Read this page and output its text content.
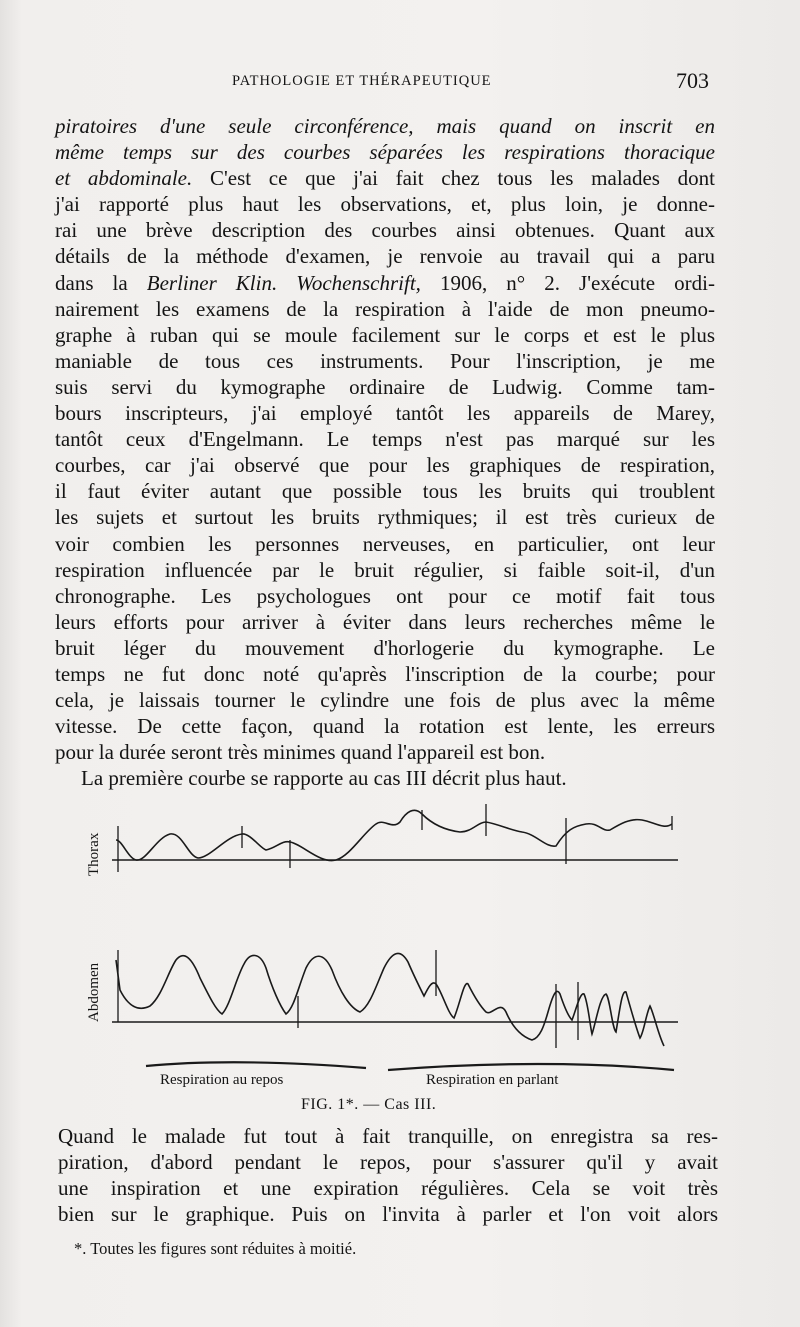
PATHOLOGIE ET THÉRAPEUTIQUE	703
piratoires d'une seule circonférence, mais quand on inscrit en
même temps sur des courbes séparées les respirations thoracique
et abdominale. C'est ce que j'ai fait chez tous les malades dont
j'ai rapporté plus haut les observations, et, plus loin, je donne-
rai une brève description des courbes ainsi obtenues. Quant aux
détails de la méthode d'examen, je renvoie au travail qui a paru
dans la Berliner Klin. Wochenschrift, 1906, n° 2. J'exécute ordi-
nairement les examens de la respiration à l'aide de mon pneumo-
graphe à ruban qui se moule facilement sur le corps et est le plus
maniable de tous ces instruments. Pour l'inscription, je me
suis servi du kymographe ordinaire de Ludwig. Comme tam-
bours inscripteurs, j'ai employé tantôt les appareils de Marey,
tantôt ceux d'Engelmann. Le temps n'est pas marqué sur les
courbes, car j'ai observé que pour les graphiques de respiration,
il faut éviter autant que possible tous les bruits qui troublent
les sujets et surtout les bruits rythmiques; il est très curieux de
voir combien les personnes nerveuses, en particulier, ont leur
respiration influencée par le bruit régulier, si faible soit-il, d'un
chronographe. Les psychologues ont pour ce motif fait tous
leurs efforts pour arriver à éviter dans leurs recherches même le
bruit léger du mouvement d'horlogerie du kymographe. Le
temps ne fut donc noté qu'après l'inscription de la courbe; pour
cela, je laissais tourner le cylindre une fois de plus avec la même
vitesse. De cette façon, quand la rotation est lente, les erreurs
pour la durée seront très minimes quand l'appareil est bon.
La première courbe se rapporte au cas III décrit plus haut.
Thorax
Abdomen
Respiration au repos	Respiration en parlant
FIG. 1*. — Cas III.
Quand le malade fut tout à fait tranquille, on enregistra sa res-
piration, d'abord pendant le repos, pour s'assurer qu'il y avait
une inspiration et une expiration régulières. Cela se voit très
bien sur le graphique. Puis on l'invita à parler et l'on voit alors
*. Toutes les figures sont réduites à moitié.
